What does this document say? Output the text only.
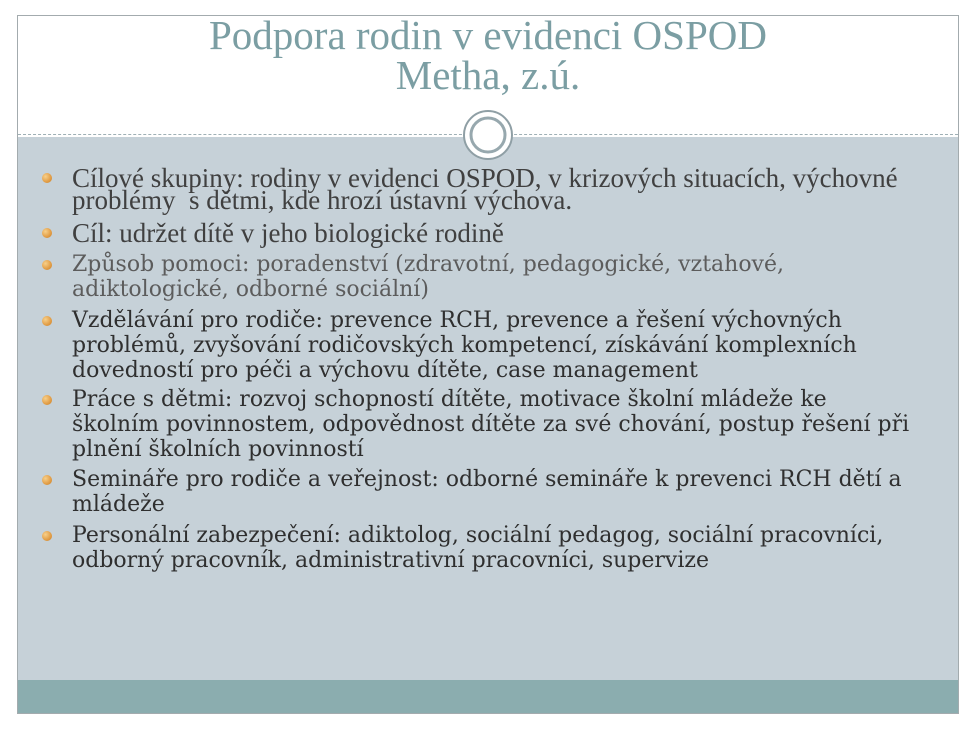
Podpora rodin v evidenci OSPOD
Metha, z.ú.
Cílové skupiny: rodiny v evidenci OSPOD, v krizových situacích, výchovné
problémy  s dětmi, kde hrozí ústavní výchova.
Cíl: udržet dítě v jeho biologické rodině
Způsob pomoci: poradenství (zdravotní, pedagogické, vztahové,
adiktologické, odborné sociální)
Vzdělávání pro rodiče: prevence RCH, prevence a řešení výchovných
problémů, zvyšování rodičovských kompetencí, získávání komplexních
dovedností pro péči a výchovu dítěte, case management
Práce s dětmi: rozvoj schopností dítěte, motivace školní mládeže ke
školním povinnostem, odpovědnost dítěte za své chování, postup řešení při
plnění školních povinností
Semináře pro rodiče a veřejnost: odborné semináře k prevenci RCH dětí a
mládeže
Personální zabezpečení: adiktolog, sociální pedagog, sociální pracovníci,
odborný pracovník, administrativní pracovníci, supervize
